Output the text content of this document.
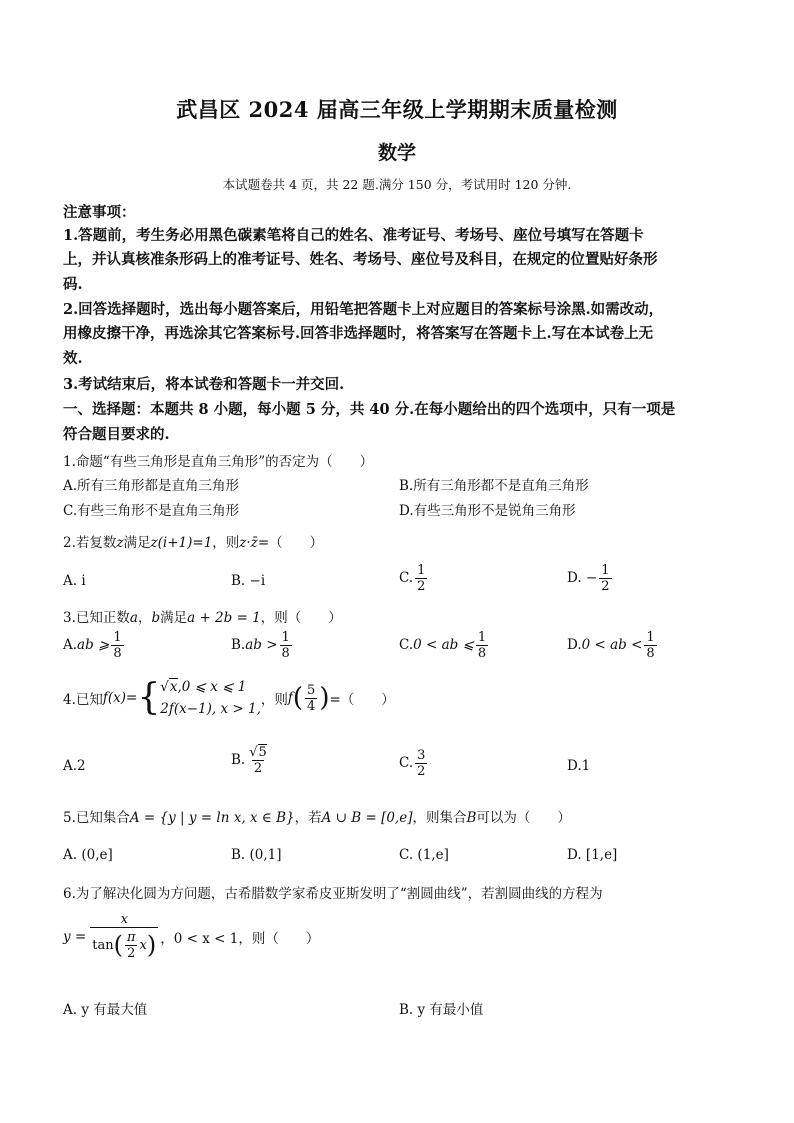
武昌区 2024 届高三年级上学期期末质量检测
数学
本试题卷共 4 页，共 22 题.满分 150 分，考试用时 120 分钟.
注意事项：
1.答题前，考生务必用黑色碳素笔将自己的姓名、准考证号、考场号、座位号填写在答题卡
上，并认真核准条形码上的准考证号、姓名、考场号、座位号及科目，在规定的位置贴好条形
码.
2.回答选择题时，选出每小题答案后，用铅笔把答题卡上对应题目的答案标号涂黑.如需改动，
用橡皮擦干净，再选涂其它答案标号.回答非选择题时，将答案写在答题卡上.写在本试卷上无
效.
3.考试结束后，将本试卷和答题卡一并交回.
一、选择题：本题共 8 小题，每小题 5 分，共 40 分.在每小题给出的四个选项中，只有一项是
符合题目要求的.
1.命题“有些三角形是直角三角形”的否定为（　　）
A.所有三角形都是直角三角形	B.所有三角形都不是直角三角形
C.有些三角形不是直角三角形	D.有些三角形不是锐角三角形
2.若复数z满足z(i+1)=1，则z·z̄=（　　）
A. i	B. −i	C. $\frac{1}{2}$	D. − $\frac{1}{2}$
3.已知正数a，b满足a + 2b = 1，则（　　）
A.ab ⩾ $\frac{1}{8}$	$B.ab > \frac{1}{8}$	C.0 < ab ⩽ $\frac{1}{8}$	D.0 < ab < $\frac{1}{8}$
4.已知 f(x)= { √x,0 ⩽ x ⩽ 1
2f(x−1), x > 1,
，则 f ( $\frac{5}{4}$ ) =（　　）
A.2	B. $\frac{√5}{2}$	C. $\frac{3}{2}$	D.1
5.已知集合A = {y | y = ln x, x ∈ B}，若A ∪ B = [0,e]，则集合B可以为（　　）
A. (0,e]	B. (0,1]	C. (1,e]	D. [1,e]
6.为了解决化圆为方问题，古希腊数学家希皮亚斯发明了“割圆曲线”，若割圆曲线的方程为
$y = \frac{x}{\tan ( \frac{\pi}{2} x )}$ ，0 < x < 1，则（　　）
A. y 有最大值	B. y 有最小值
